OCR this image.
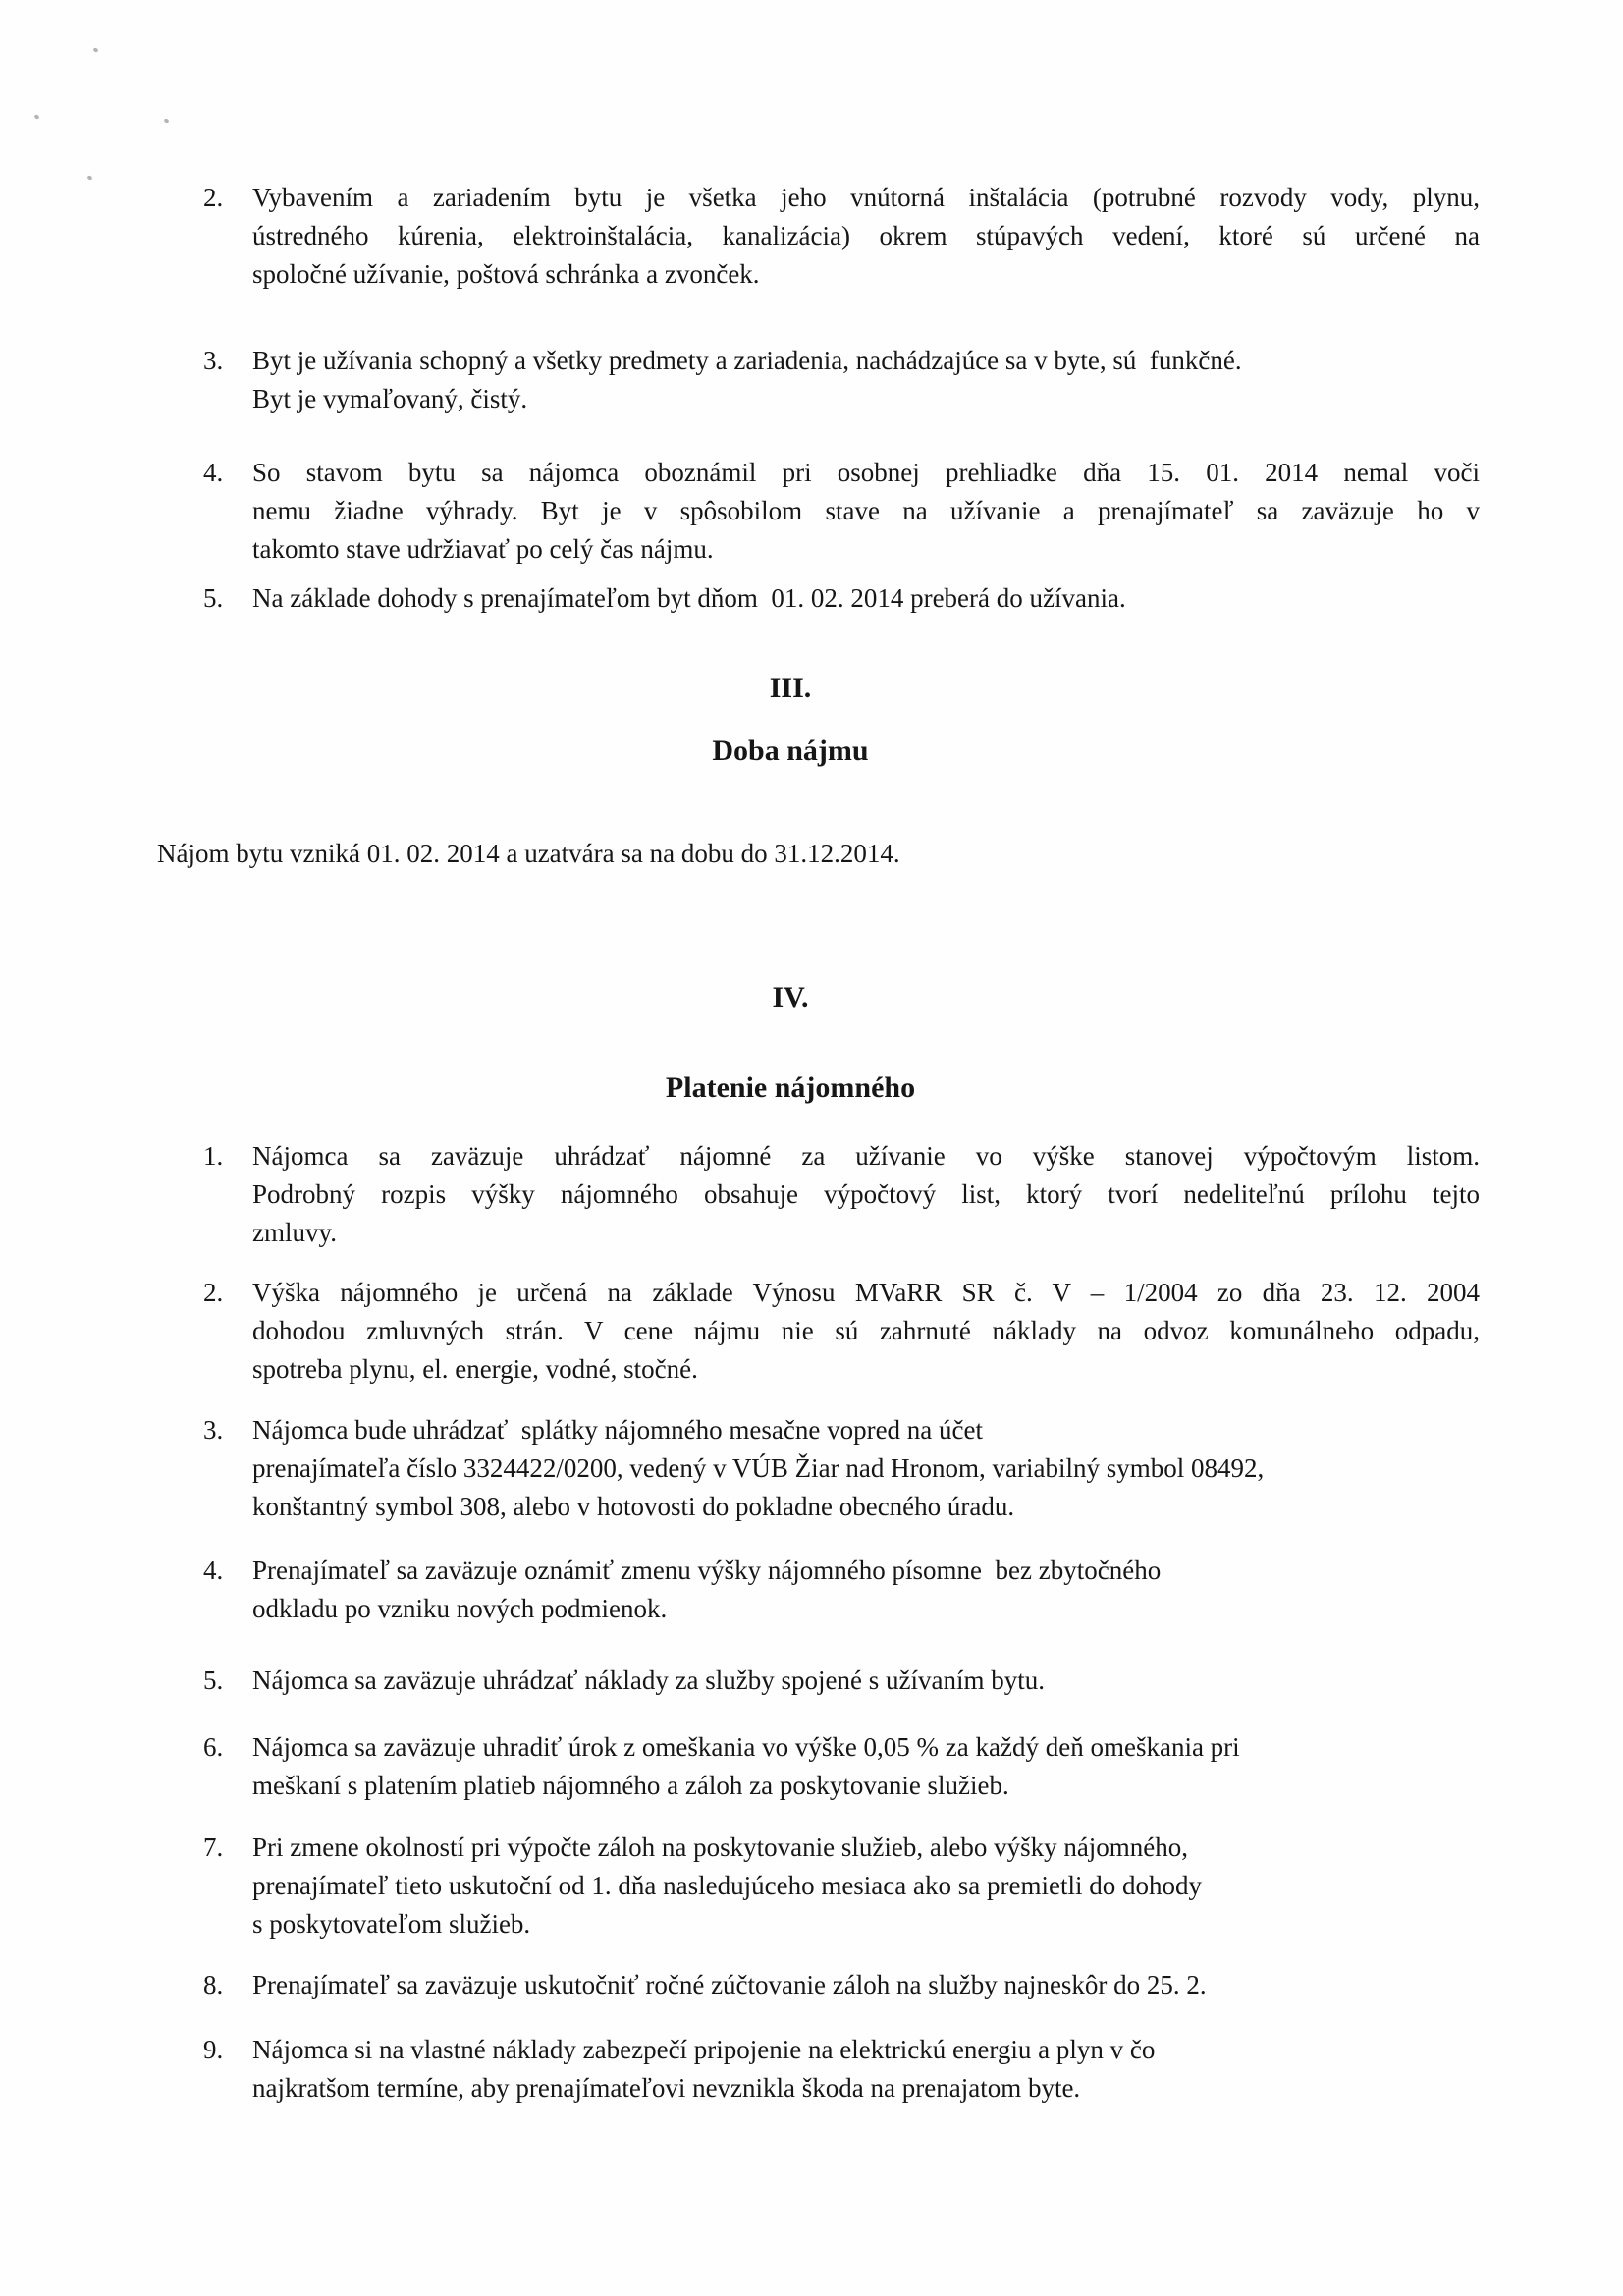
2. Vybavením a zariadením bytu je všetka jeho vnútorná inštalácia (potrubné rozvody vody, plynu,
ústredného kúrenia, elektroinštalácia, kanalizácia) okrem stúpavých vedení, ktoré sú určené na
spoločné užívanie, poštová schránka a zvonček.
3. Byt je užívania schopný a všetky predmety a zariadenia, nachádzajúce sa v byte, sú  funkčné.
Byt je vymaľovaný, čistý.
4. So stavom bytu sa nájomca oboznámil pri osobnej prehliadke dňa 15. 01. 2014 nemal voči
nemu žiadne výhrady. Byt je v spôsobilom stave na užívanie a prenajímateľ sa zaväzuje ho v
takomto stave udržiavať po celý čas nájmu.
5. Na základe dohody s prenajímateľom byt dňom  01. 02. 2014 preberá do užívania.
III.
Doba nájmu
Nájom bytu vzniká 01. 02. 2014 a uzatvára sa na dobu do 31.12.2014.
IV.
Platenie nájomného
1. Nájomca sa zaväzuje uhrádzať nájomné za užívanie vo výške stanovej výpočtovým listom.
Podrobný rozpis výšky nájomného obsahuje výpočtový list, ktorý tvorí nedeliteľnú prílohu tejto
zmluvy.
2. Výška nájomného je určená na základe Výnosu MVaRR SR č. V – 1/2004 zo dňa 23. 12. 2004
dohodou zmluvných strán. V cene nájmu nie sú zahrnuté náklady na odvoz komunálneho odpadu,
spotreba plynu, el. energie, vodné, stočné.
3. Nájomca bude uhrádzať  splátky nájomného mesačne vopred na účet
prenajímateľa číslo 3324422/0200, vedený v VÚB Žiar nad Hronom, variabilný symbol 08492,
konštantný symbol 308, alebo v hotovosti do pokladne obecného úradu.
4. Prenajímateľ sa zaväzuje oznámiť zmenu výšky nájomného písomne  bez zbytočného
odkladu po vzniku nových podmienok.
5. Nájomca sa zaväzuje uhrádzať náklady za služby spojené s užívaním bytu.
6. Nájomca sa zaväzuje uhradiť úrok z omeškania vo výške 0,05 % za každý deň omeškania pri
meškaní s platením platieb nájomného a záloh za poskytovanie služieb.
7. Pri zmene okolností pri výpočte záloh na poskytovanie služieb, alebo výšky nájomného,
prenajímateľ tieto uskutoční od 1. dňa nasledujúceho mesiaca ako sa premietli do dohody
s poskytovateľom služieb.
8. Prenajímateľ sa zaväzuje uskutočniť ročné zúčtovanie záloh na služby najneskôr do 25. 2.
9. Nájomca si na vlastné náklady zabezpečí pripojenie na elektrickú energiu a plyn v čo
najkratšom termíne, aby prenajímateľovi nevznikla škoda na prenajatom byte.
